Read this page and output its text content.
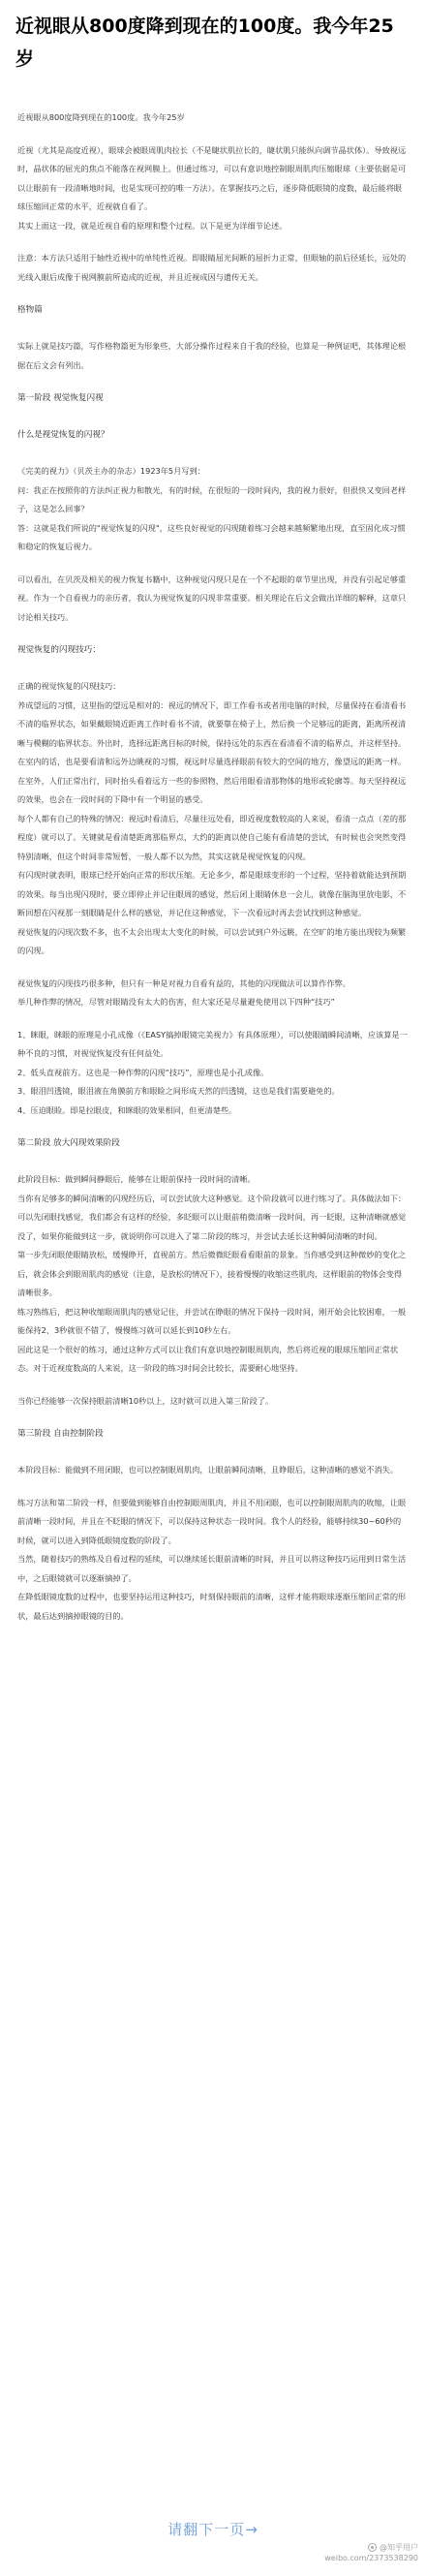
近视眼从800度降到现在的100度。我今年25岁
近视眼从800度降到现在的100度。我今年25岁
近视（尤其是高度近视），眼球会被眼周肌肉拉长（不是睫状肌拉长的，睫状肌只能纵向调节晶状体）。导致视远时，晶状体的屈光的焦点不能落在视网膜上。但通过练习，可以有意识地控制眼周肌肉压缩眼球（主要依据是可以让眼前有一段清晰地时间，也是实现可控的唯一方法）。在掌握技巧之后，逐步降低眼镜的度数，最后能将眼球压缩回正常的水平，近视就自看了。
其实上面这一段，就是近视自看的原理和整个过程。以下是更为详细节论述。
注意：本方法只适用于轴性近视中的单纯性近视。即眼睛屈光间断的屈折力正常，但眼轴的前后径延长，远处的光线入眼后成像于视网膜前所造成的近视，并且近视成因与遗传无关。
格物篇
实际上就是技巧篇，写作格物篇更为形象些，大部分操作过程来自于我的经验，也算是一种例证吧，其体理论根据在后文会有列出。
第一阶段 视觉恢复闪视
什么是视觉恢复的闪视？
《完美的视力》（贝茨主办的杂志）1923年5月写到：
问：我正在按照你的方法纠正视力和散光，有的时候，在很短的一段时间内，我的视力很好，但很快又变回老样子，这是怎么回事？
答：这就是我们所说的"视觉恢复的闪现"，这些良好视觉的闪现随着练习会越来越频繁地出现，直至固化成习惯和稳定的恢复后视力。
可以看出，在贝茨及相关的视力恢复书籍中，这种视觉闪现只是在一个不起眼的章节里出现，并没有引起足够重视。作为一个自看视力的亲历者，我认为视觉恢复的闪现非常重要。相关理论在后文会做出详细的解释，这章只讨论相关技巧。
视觉恢复的闪现技巧：
正确的视觉恢复的闪现技巧：
养成望远的习惯，这里指的望远是相对的：视远的情况下，即工作看书或者用电脑的时候，尽量保持在看清看书不清的临界状态，如果戴眼镜近距离工作时看书不清，就要靠在椅子上，然后换一个足够远的距离，距离所视清晰与模糊的临界状态。外出时，选择远距离目标的时候，保持远处的东西在看清看不清的临界点，并这样坚持。
在室内的话，也是要看清和远外边眺视的习惯，视远时尽量选择眼前有较大的空间的地方，像望远的距离一样。在室外，人们正常出行，同时抬头看着远方一些的参照物，然后用眼看清那物体的地形或轮廓等。每天坚持视远的效果，也会在一段时间的下降中有一个明显的感受。
每个人都有自己的特殊的情况：视远时看清后，尽量往远处看，即近视度数较高的人来说，看清一点点（差的那程度）就可以了。关键就是看清楚距离那临界点，大约的距离以使自己能有看清楚的尝试，有时候也会突然变得特别清晰，但这个时间非常短暂，一般人都不以为然，其实这就是视觉恢复的闪现。
有闪现时就表明，眼球已经开始向正常的形状压缩。无论多少，都是眼球变形的一个过程，坚持着就能达到预期的效果。每当出现闪现时，要立即停止并记住眼周的感觉，然后闭上眼睛休息一会儿，就像在脑海里放电影，不断回想在闪视那一刻眼睛是什么样的感觉，并记住这种感觉，下一次看远时再去尝试找到这种感觉。
视觉恢复的闪现次数不多，也不太会出现太大变化的时候，可以尝试到户外远眺，在空旷的地方能出现较为频繁的闪现。
视觉恢复的闪现技巧很多种，但只有一种是对视力自看有益的，其他的闪现做法可以算作作弊。
举几种作弊的情况，尽管对眼睛没有太大的伤害，但大家还是尽量避免使用以下四种“技巧”
1、眯眼，眯眼的原理是小孔成像（《EASY搞掉眼镜完美视力》有具体原理），可以使眼睛瞬间清晰，应该算是一种不良的习惯，对视觉恢复没有任何益处。
2、低头直视前方。这也是一种作弊的闪现“技巧”，原理也是小孔成像。
3、眼泪凹透镜，眼泪液在角膜前方和眼睑之间形成天然的凹透镜，这也是我们需要避免的。
4、压迫眼睑。即是拉眼皮，和眯眼的效果相同，但更清楚些。
第二阶段 放大闪现效果阶段
此阶段目标：做到瞬间静眼后，能够在让眼前保持一段时间的清晰。
当你有足够多的瞬间清晰的闪现经历后，可以尝试放大这种感觉。这个阶段就可以进行练习了。具体做法如下：
可以先闭眼找感觉，我们都会有这样的经验，多眨眼可以让眼前稍微清晰一段时间，再一眨眼，这种清晰就感觉没了，如果你能做到这一步，就说明你可以进入了第二阶段的练习，并尝试去延长这种瞬间清晰的时间。
第一步先闭眼使眼睛放松，缓慢睁开，直视前方。然后微微眨眼看看眼前的景象。当你感受到这种微妙的变化之后，就会体会到眼周肌肉的感觉（注意，是放松的情况下），接着慢慢的收缩这些肌肉，这样眼前的物体会变得清晰很多。
练习熟练后，把这种收缩眼周肌肉的感觉记住，并尝试在睁眼的情况下保持一段时间，刚开始会比较困难，一般能保持2、3秒就很不错了，慢慢练习就可以延长到10秒左右。
因此这是一个很好的练习，通过这种方式可以让我们有意识地控制眼周肌肉，然后将近视的眼球压缩回正常状态。对于近视度数高的人来说，这一阶段的练习时间会比较长，需要耐心地坚持。
当你已经能够一次保持眼前清晰10秒以上，这时就可以进入第三阶段了。
第三阶段 自由控制阶段
本阶段目标：能做到不用闭眼，也可以控制眼周肌肉，让眼前瞬间清晰，且睁眼后，这种清晰的感觉不消失。
练习方法和第二阶段一样，但要做到能够自由控制眼周肌肉，并且不用闭眼，也可以控制眼周肌肉的收缩，让眼前清晰一段时间，并且在不眨眼的情况下，可以保持这种状态一段时间。我个人的经验，能够持续30~60秒的时候，就可以进入到降低眼镜度数的阶段了。
当然，随着技巧的熟练及自看过程的延续，可以继续延长眼前清晰的时间，并且可以将这种技巧运用到日常生活中，之后眼镜就可以逐渐摘掉了。
在降低眼镜度数的过程中，也要坚持运用这种技巧，时刻保持眼前的清晰，这样才能将眼球逐渐压缩回正常的形状，最后达到摘掉眼镜的目的。
请翻下一页→
@知乎用户
weibo.com/2373538290
